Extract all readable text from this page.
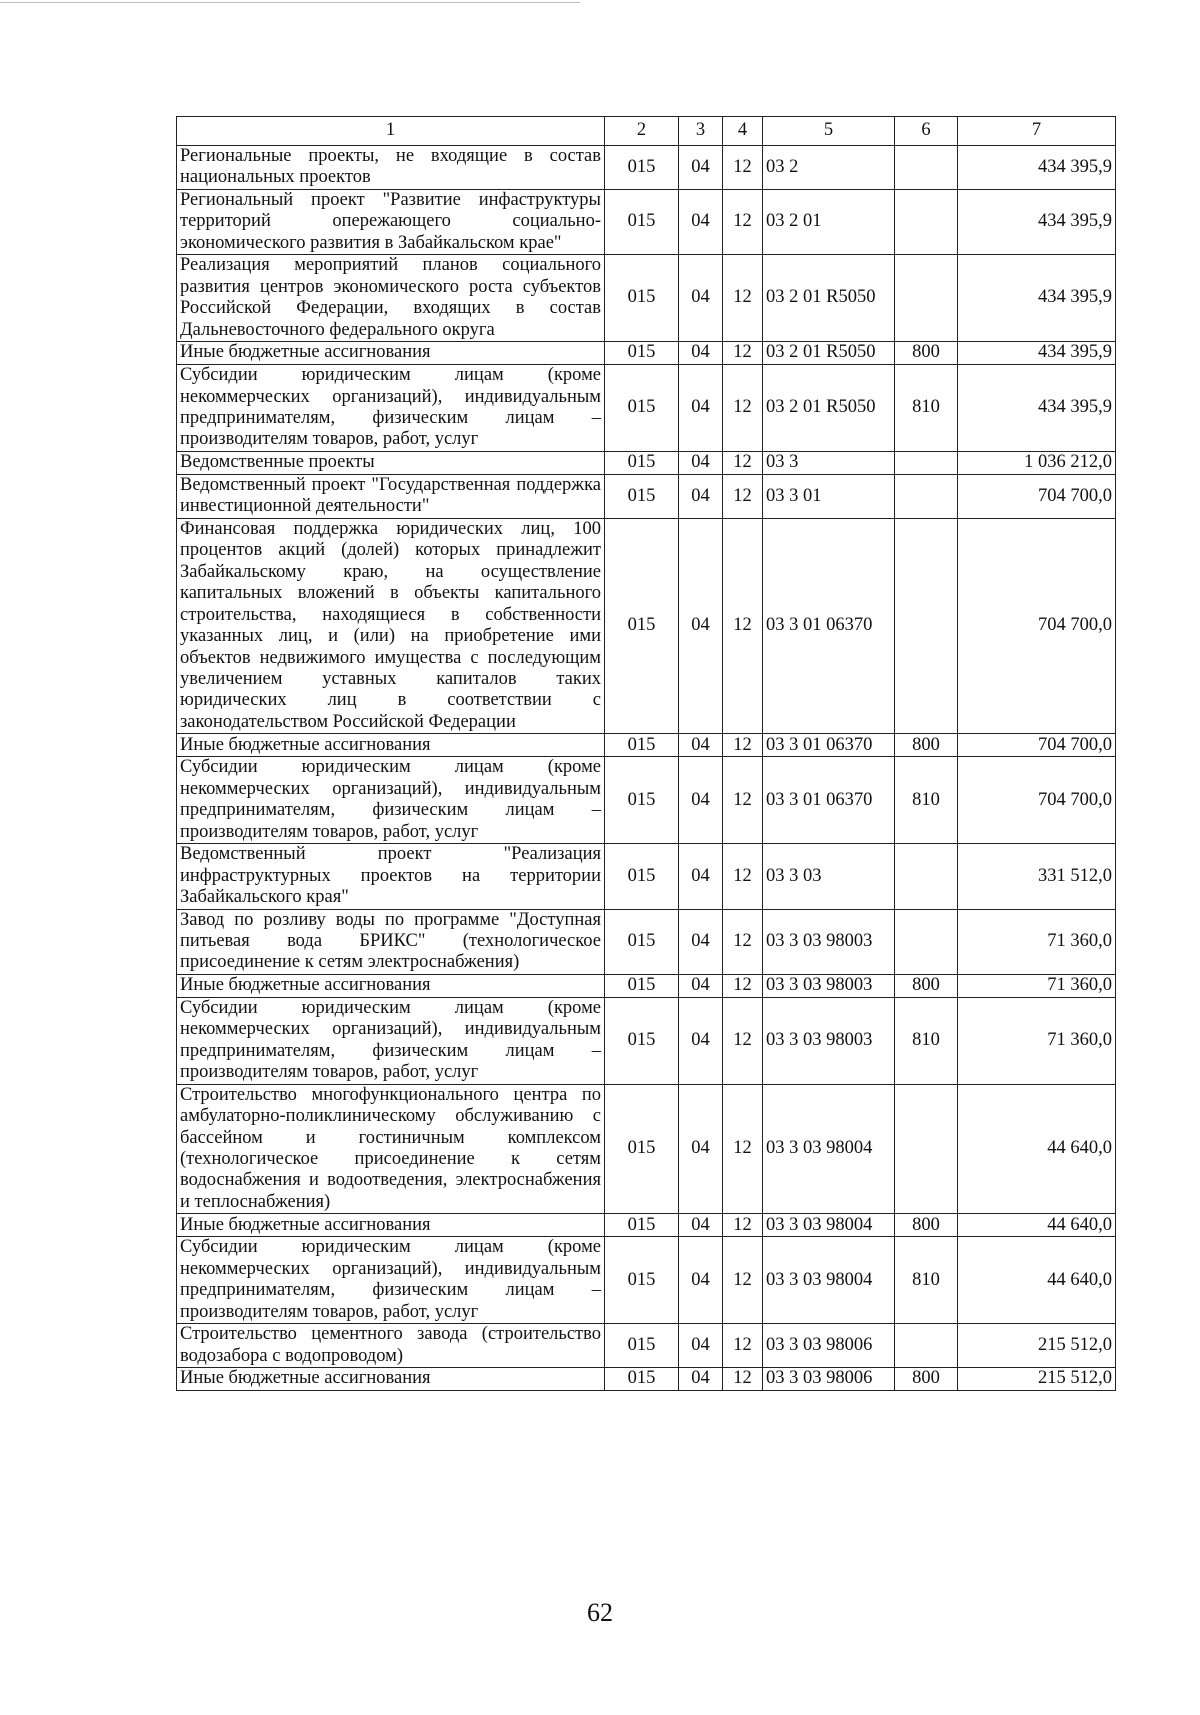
1	2	3	4	5	6	7
Региональные проекты, не входящие в состав национальных проектов	015	04	12	03 2		434 395,9
Региональный проект "Развитие инфаструктуры территорий опережающего социально-экономического развития в Забайкальском крае"	015	04	12	03 2 01		434 395,9
Реализация мероприятий планов социального развития центров экономического роста субъектов Российской Федерации, входящих в состав Дальневосточного федерального округа	015	04	12	03 2 01 R5050		434 395,9
Иные бюджетные ассигнования	015	04	12	03 2 01 R5050	800	434 395,9
Субсидии юридическим лицам (кроме некоммерческих организаций), индивидуальным предпринимателям, физическим лицам – производителям товаров, работ, услуг	015	04	12	03 2 01 R5050	810	434 395,9
Ведомственные проекты	015	04	12	03 3		1 036 212,0
Ведомственный проект "Государственная поддержка инвестиционной деятельности"	015	04	12	03 3 01		704 700,0
Финансовая поддержка юридических лиц, 100 процентов акций (долей) которых принадлежит Забайкальскому краю, на осуществление капитальных вложений в объекты капитального строительства, находящиеся в собственности указанных лиц, и (или) на приобретение ими объектов недвижимого имущества с последующим увеличением уставных капиталов таких юридических лиц в соответствии с законодательством Российской Федерации	015	04	12	03 3 01 06370		704 700,0
Иные бюджетные ассигнования	015	04	12	03 3 01 06370	800	704 700,0
Субсидии юридическим лицам (кроме некоммерческих организаций), индивидуальным предпринимателям, физическим лицам – производителям товаров, работ, услуг	015	04	12	03 3 01 06370	810	704 700,0
Ведомственный проект "Реализация инфраструктурных проектов на территории Забайкальского края"	015	04	12	03 3 03		331 512,0
Завод по розливу воды по программе "Доступная питьевая вода БРИКС" (технологическое присоединение к сетям электроснабжения)	015	04	12	03 3 03 98003		71 360,0
Иные бюджетные ассигнования	015	04	12	03 3 03 98003	800	71 360,0
Субсидии юридическим лицам (кроме некоммерческих организаций), индивидуальным предпринимателям, физическим лицам – производителям товаров, работ, услуг	015	04	12	03 3 03 98003	810	71 360,0
Строительство многофункционального центра по амбулаторно-поликлиническому обслуживанию с бассейном и гостиничным комплексом (технологическое присоединение к сетям водоснабжения и водоотведения, электроснабжения и теплоснабжения)	015	04	12	03 3 03 98004		44 640,0
Иные бюджетные ассигнования	015	04	12	03 3 03 98004	800	44 640,0
Субсидии юридическим лицам (кроме некоммерческих организаций), индивидуальным предпринимателям, физическим лицам – производителям товаров, работ, услуг	015	04	12	03 3 03 98004	810	44 640,0
Строительство цементного завода (строительство водозабора с водопроводом)	015	04	12	03 3 03 98006		215 512,0
Иные бюджетные ассигнования	015	04	12	03 3 03 98006	800	215 512,0
62
